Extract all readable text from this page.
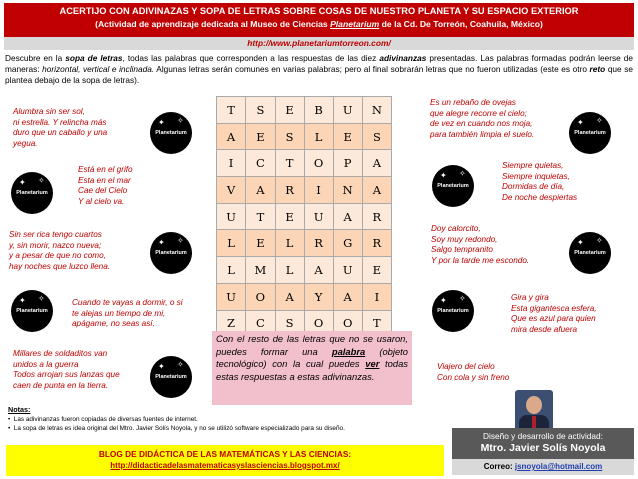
ACERTIJO CON ADIVINAZAS Y SOPA DE LETRAS SOBRE COSAS DE NUESTRO PLANETA Y SU ESPACIO EXTERIOR
(Actividad de aprendizaje dedicada al Museo de Ciencias Planetarium de la Cd. De Torreón, Coahuila, México)
http://www.planetariumtorreon.com/
Descubre en la sopa de letras, todas las palabras que corresponden a las respuestas de las diez adivinanzas presentadas. Las palabras formadas podrán leerse de maneras: horizontal, vertical e inclinada. Algunas letras serán comunes en varias palabras; pero al final sobrarán letras que no fueron utilizadas (este es otro reto que se plantea debajo de la sopa de letras).
Alumbra sin ser sol,
ni estrella. Y relincha más
duro que un caballo y una
yegua.
Está en el grifo
Esta en el mar
Cae del Cielo
Y al cielo va.
Sin ser rica tengo cuartos
y, sin morir, nazco nueva;
y a pesar de que no como,
hay noches que luzco llena.
Cuando te vayas a dormir, o si
te alejas un tiempo de mi,
apágame, no seas así.
Millares de soldaditos van
unidos a la guerra
Todos arrojan sus lanzas que
caen de punta en la tierra.
Es un rebaño de ovejas
que alegre recorre el cielo;
de vez en cuando nos moja,
para también limpia el suelo.
Siempre quietas,
Siempre inquietas,
Dormidas de día,
De noche despiertas
Doy calorcito,
Soy muy redondo,
Salgo tempranito
Y por la tarde me escondo.
Gira y gira
Esta gigantesca esfera,
Que es azul para quien
mira desde afuera
Viajero del cielo
Con cola y sin freno
✦ ✧
Planetarium
✦ ✧
Planetarium
✦ ✧
Planetarium
✦ ✧
Planetarium
✦ ✧
Planetarium
✦ ✧
Planetarium
✦ ✧
Planetarium
✦ ✧
Planetarium
✦ ✧
Planetarium
T	S	E	B	U	N
A	E	S	L	E	S
I	C	T	O	P	A
V	A	R	I	N	A
U	T	E	U	A	R
L	E	L	R	G	R
L	M	L	A	U	E
U	O	A	Y	A	I
Z	C	S	O	O	T
Con el resto de las letras que no se usaron, puedes formar una palabra (objeto tecnológico) con la cual puedes ver todas estas respuestas a estas adivinanzas.
Notas:
•  Las adivinanzas fueron copiadas de diversas fuentes de internet.
•  La sopa de letras es idea original del Mtro. Javier Solís Noyola, y no se utilizó software especializado para su diseño.
Diseño y desarrollo de actividad:
Mtro. Javier Solís Noyola
Correo: jsnoyola@hotmail.com
BLOG DE DIDÁCTICA DE LAS MATEMÁTICAS Y LAS CIENCIAS:
http://didacticadelasmatematicasyslasciencias.blogspot.mx/
